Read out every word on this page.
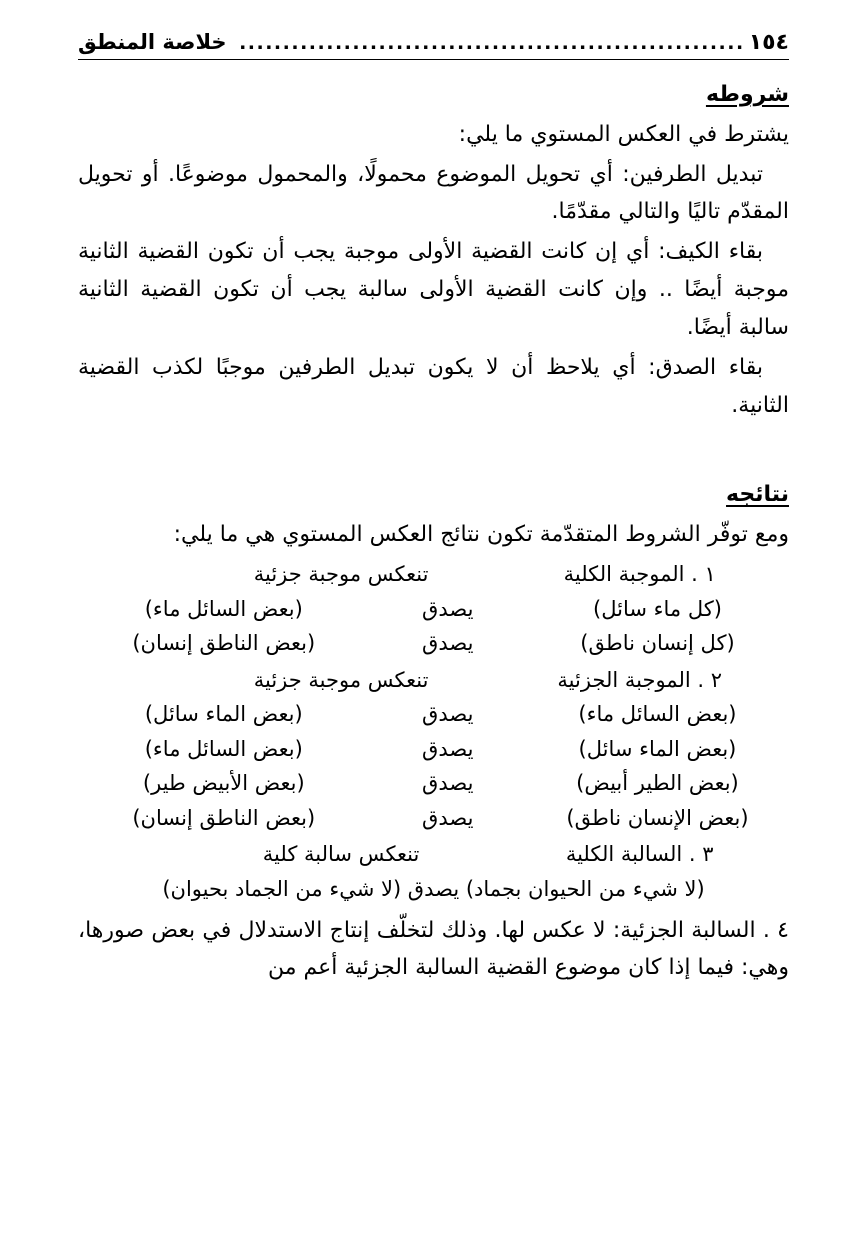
١٥٤
..........................................................
خلاصة المنطق
شروطه

يشترط في العكس المستوي ما يلي:

تبديل الطرفين: أي تحويل الموضوع محمولًا، والمحمول موضوعًا. أو تحويل المقدّم تاليًا والتالي مقدّمًا.

بقاء الكيف: أي إن كانت القضية الأولى موجبة يجب أن تكون القضية الثانية موجبة أيضًا .. وإن كانت القضية الأولى سالبة يجب أن تكون القضية الثانية سالبة أيضًا.

بقاء الصدق: أي يلاحظ أن لا يكون تبديل الطرفين موجبًا لكذب القضية الثانية.

نتائجه

ومع توفّر الشروط المتقدّمة تكون نتائج العكس المستوي هي ما يلي:

١ . الموجبة الكلية
تنعكس موجبة جزئية
(كل ماء سائل)
يصدق
(بعض السائل ماء)
(كل إنسان ناطق)
يصدق
(بعض الناطق إنسان)
٢ . الموجبة الجزئية
تنعكس موجبة جزئية
(بعض السائل ماء)
يصدق
(بعض الماء سائل)
(بعض الماء سائل)
يصدق
(بعض السائل ماء)
(بعض الطير أبيض)
يصدق
(بعض الأبيض طير)
(بعض الإنسان ناطق)
يصدق
(بعض الناطق إنسان)
٣ . السالبة الكلية
تنعكس سالبة كلية
(لا شيء من الحيوان بجماد) يصدق (لا شيء من الجماد بحيوان)

٤ . السالبة الجزئية: لا عكس لها. وذلك لتخلّف إنتاج الاستدلال في بعض صورها، وهي: فيما إذا كان موضوع القضية السالبة الجزئية أعم من
